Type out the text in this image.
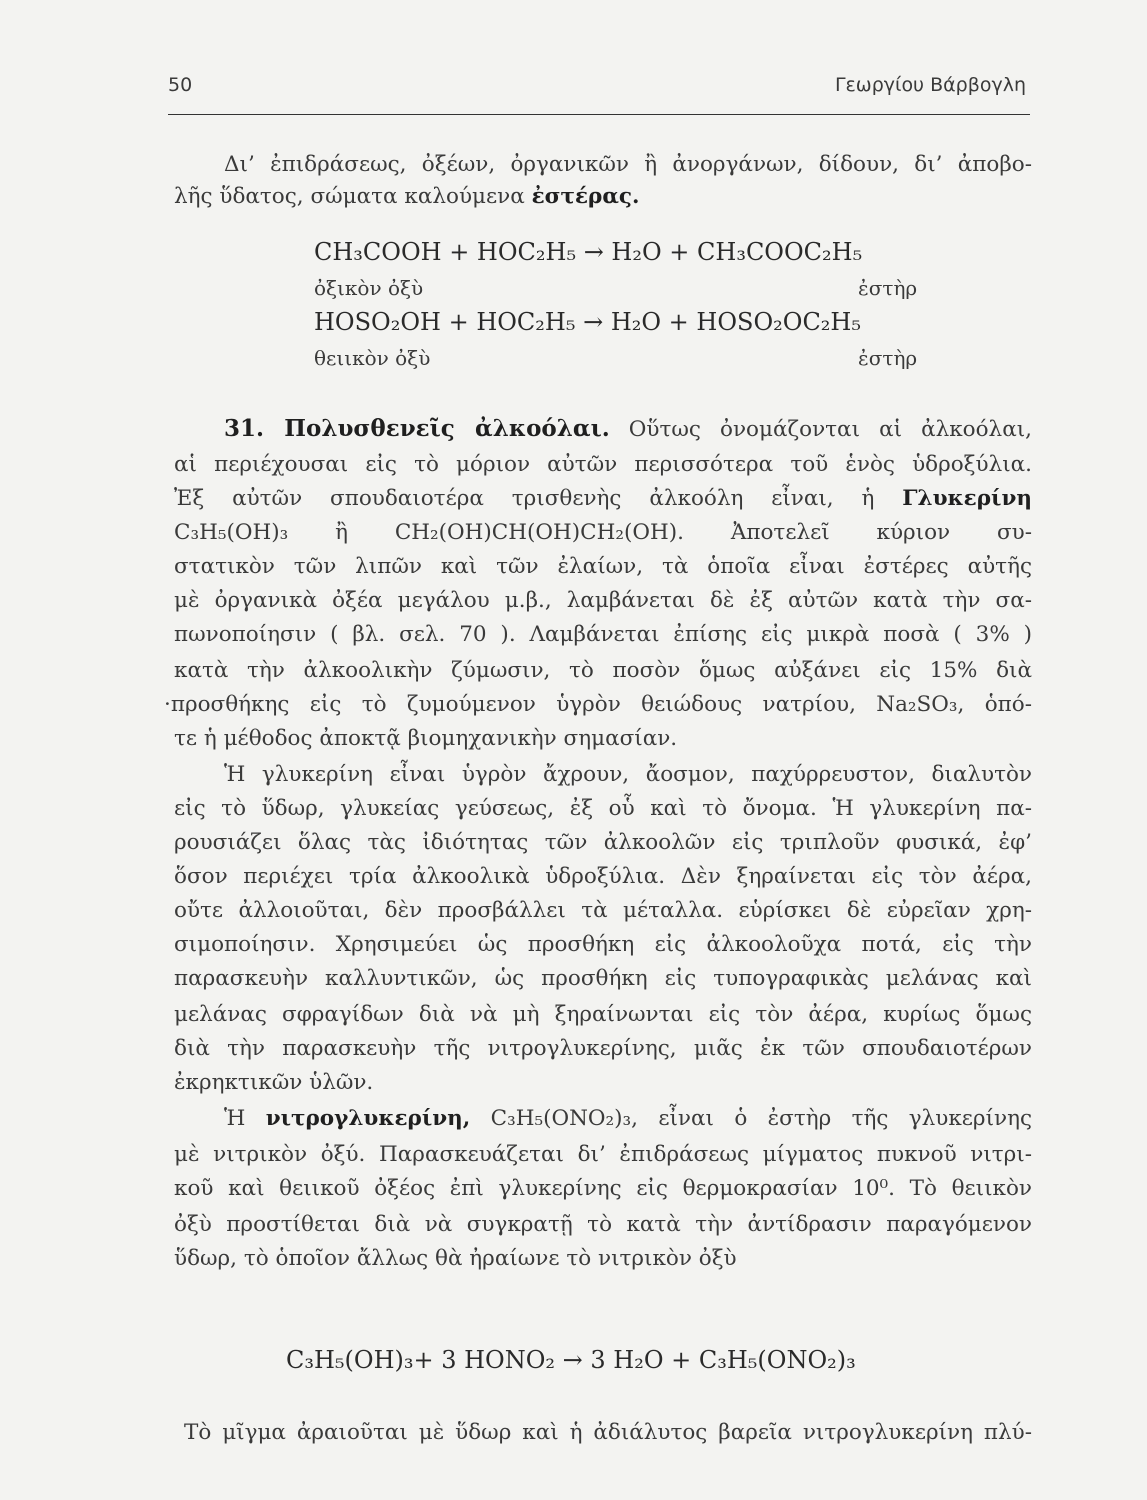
50	Γεωργίου Βάρβογλη
Δι’ ἐπιδράσεως, ὀξέων, ὀργανικῶν ἢ ἀνοργάνων, δίδουν, δι’ ἀποβο-
λῆς ὕδατος, σώματα καλούμενα ἐστέρας.
CH₃COOH + HOC₂H₅ → H₂O + CH₃COOC₂H₅
ὀξικὸν ὀξὺ	ἐστὴρ
HOSO₂OH + HOC₂H₅ → H₂O + HOSO₂OC₂H₅
θειικὸν ὀξὺ	ἐστὴρ
31. Πολυσθενεῖς ἀλκοόλαι. Οὕτως ὀνομάζονται αἱ ἀλκοόλαι,
αἱ περιέχουσαι εἰς τὸ μόριον αὐτῶν περισσότερα τοῦ ἑνὸς ὑδροξύλια.
Ἐξ αὐτῶν σπουδαιοτέρα τρισθενὴς ἀλκοόλη εἶναι, ἡ Γλυκερίνη
C₃H₅(OH)₃ ἢ CH₂(OH)CH(OH)CH₂(OH). Ἀποτελεῖ κύριον συ-
στατικὸν τῶν λιπῶν καὶ τῶν ἐλαίων, τὰ ὁποῖα εἶναι ἐστέρες αὐτῆς
μὲ ὀργανικὰ ὀξέα μεγάλου μ.β., λαμβάνεται δὲ ἐξ αὐτῶν κατὰ τὴν σα-
πωνοποίησιν ( βλ. σελ. 70 ). Λαμβάνεται ἐπίσης εἰς μικρὰ ποσὰ ( 3% )
κατὰ τὴν ἀλκοολικὴν ζύμωσιν, τὸ ποσὸν ὅμως αὐξάνει εἰς 15% διὰ
·προσθήκης εἰς τὸ ζυμούμενον ὑγρὸν θειώδους νατρίου, Na₂SO₃, ὁπό-
τε ἡ μέθοδος ἀποκτᾷ βιομηχανικὴν σημασίαν.
Ἡ γλυκερίνη εἶναι ὑγρὸν ἄχρουν, ἄοσμον, παχύρρευστον, διαλυτὸν
εἰς τὸ ὕδωρ, γλυκείας γεύσεως, ἐξ οὗ καὶ τὸ ὄνομα. Ἡ γλυκερίνη πα-
ρουσιάζει ὅλας τὰς ἰδιότητας τῶν ἀλκοολῶν εἰς τριπλοῦν φυσικά, ἐφ’
ὅσον περιέχει τρία ἀλκοολικὰ ὑδροξύλια. Δὲν ξηραίνεται εἰς τὸν ἀέρα,
οὔτε ἀλλοιοῦται, δὲν προσβάλλει τὰ μέταλλα. εὑρίσκει δὲ εὐρεῖαν χρη-
σιμοποίησιν. Χρησιμεύει ὡς προσθήκη εἰς ἀλκοολοῦχα ποτά, εἰς τὴν
παρασκευὴν καλλυντικῶν, ὡς προσθήκη εἰς τυπογραφικὰς μελάνας καὶ
μελάνας σφραγίδων διὰ νὰ μὴ ξηραίνωνται εἰς τὸν ἀέρα, κυρίως ὅμως
διὰ τὴν παρασκευὴν τῆς νιτρογλυκερίνης, μιᾶς ἐκ τῶν σπουδαιοτέρων
ἐκρηκτικῶν ὑλῶν.
Ἡ νιτρογλυκερίνη, C₃H₅(ONO₂)₃, εἶναι ὁ ἐστὴρ τῆς γλυκερίνης
μὲ νιτρικὸν ὀξύ. Παρασκευάζεται δι’ ἐπιδράσεως μίγματος πυκνοῦ νιτρι-
κοῦ καὶ θειικοῦ ὀξέος ἐπὶ γλυκερίνης εἰς θερμοκρασίαν 10⁰. Τὸ θειικὸν
ὀξὺ προστίθεται διὰ νὰ συγκρατῇ τὸ κατὰ τὴν ἀντίδρασιν παραγόμενον
ὕδωρ, τὸ ὁποῖον ἄλλως θὰ ἠραίωνε τὸ νιτρικὸν ὀξὺ
C₃H₅(OH)₃+ 3 HONO₂ → 3 H₂O + C₃H₅(ONO₂)₃
Τὸ μῖγμα ἀραιοῦται μὲ ὕδωρ καὶ ἡ ἀδιάλυτος βαρεῖα νιτρογλυκερίνη πλύ-
